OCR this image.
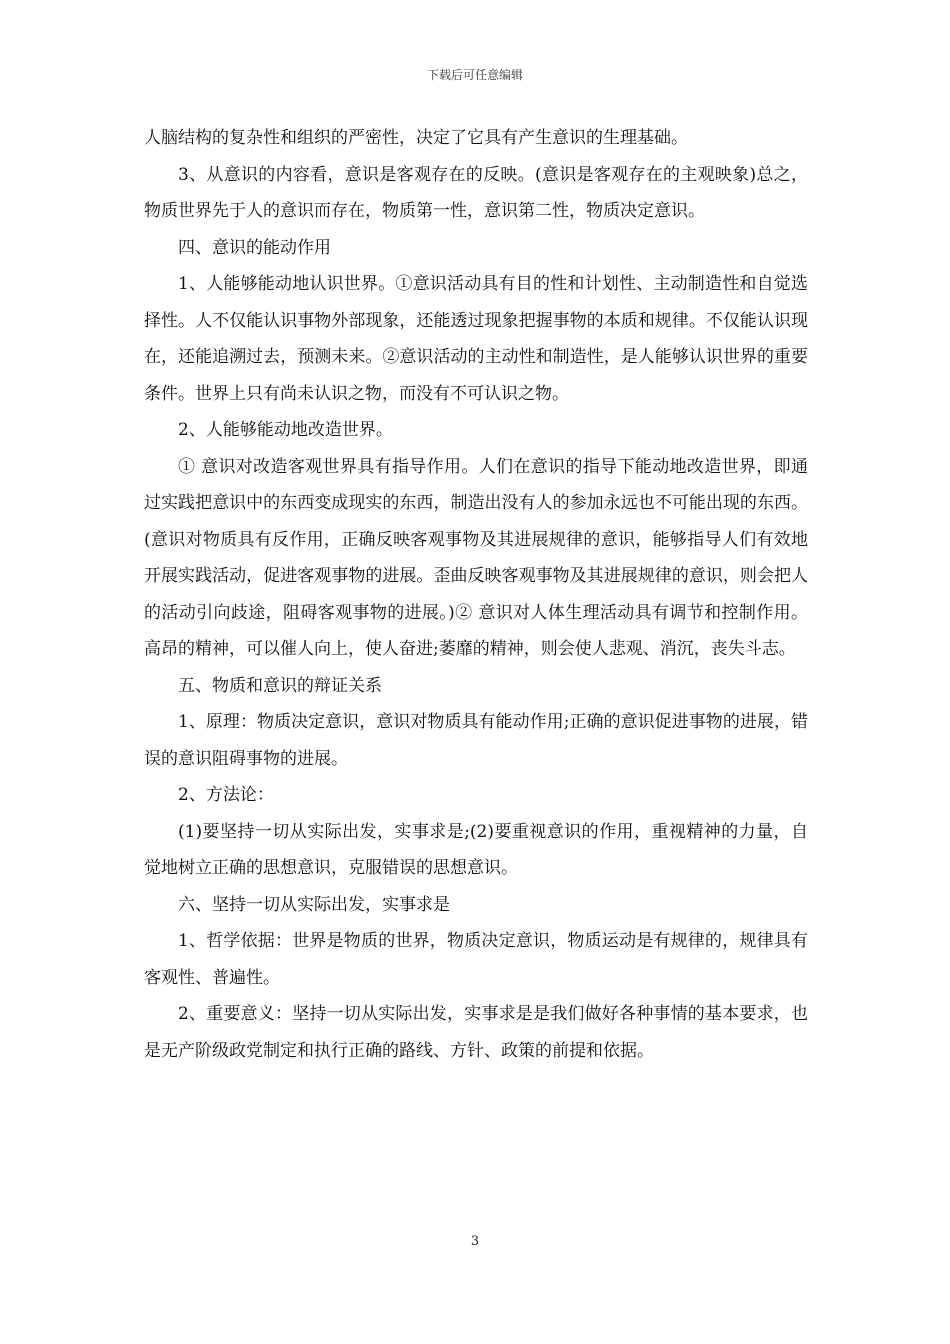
下载后可任意编辑

人脑结构的复杂性和组织的严密性，决定了它具有产生意识的生理基础。

3、从意识的内容看，意识是客观存在的反映。(意识是客观存在的主观映象)总之，物质世界先于人的意识而存在，物质第一性，意识第二性，物质决定意识。

四、意识的能动作用

1、人能够能动地认识世界。①意识活动具有目的性和计划性、主动制造性和自觉选择性。人不仅能认识事物外部现象，还能透过现象把握事物的本质和规律。不仅能认识现在，还能追溯过去，预测未来。②意识活动的主动性和制造性，是人能够认识世界的重要条件。世界上只有尚未认识之物，而没有不可认识之物。

2、人能够能动地改造世界。

① 意识对改造客观世界具有指导作用。人们在意识的指导下能动地改造世界，即通过实践把意识中的东西变成现实的东西，制造出没有人的参加永远也不可能出现的东西。(意识对物质具有反作用，正确反映客观事物及其进展规律的意识，能够指导人们有效地开展实践活动，促进客观事物的进展。歪曲反映客观事物及其进展规律的意识，则会把人的活动引向歧途，阻碍客观事物的进展。)② 意识对人体生理活动具有调节和控制作用。高昂的精神，可以催人向上，使人奋进;萎靡的精神，则会使人悲观、消沉，丧失斗志。

五、物质和意识的辩证关系

1、原理：物质决定意识，意识对物质具有能动作用;正确的意识促进事物的进展，错误的意识阻碍事物的进展。

2、方法论：

(1)要坚持一切从实际出发，实事求是;(2)要重视意识的作用，重视精神的力量，自觉地树立正确的思想意识，克服错误的思想意识。

六、坚持一切从实际出发，实事求是

1、哲学依据：世界是物质的世界，物质决定意识，物质运动是有规律的，规律具有客观性、普遍性。

2、重要意义：坚持一切从实际出发，实事求是是我们做好各种事情的基本要求，也是无产阶级政党制定和执行正确的路线、方针、政策的前提和依据。

3
